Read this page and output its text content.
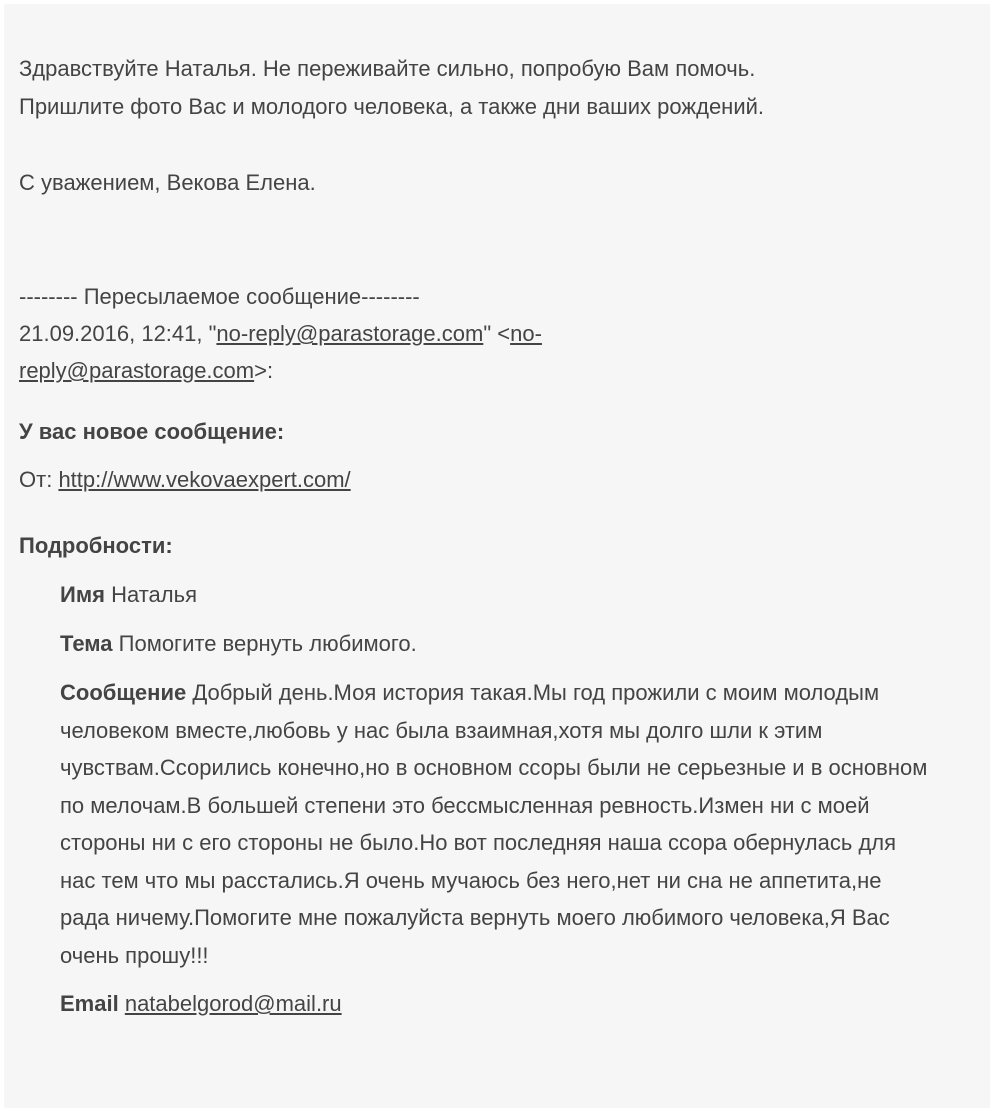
Здравствуйте Наталья. Не переживайте сильно, попробую Вам помочь.

Пришлите фото Вас и молодого человека, а также дни ваших рождений.

С уважением, Векова Елена.

-------- Пересылаемое сообщение--------
21.09.2016, 12:41, "no-reply@parastorage.com" <no-
reply@parastorage.com>:
У вас новое сообщение:
От: http://www.vekovaexpert.com/
Подробности:
Имя Наталья
Тема Помогите вернуть любимого.
Сообщение Добрый день.Моя история такая.Мы год прожили с моим молодым человеком вместе,любовь у нас была взаимная,хотя мы долго шли к этим чувствам.Ссорились конечно,но в основном ссоры были не серьезные и в основном по мелочам.В большей степени это бессмысленная ревность.Измен ни с моей стороны ни с его стороны не было.Но вот последняя наша ссора обернулась для нас тем что мы расстались.Я очень мучаюсь без него,нет ни сна не аппетита,не рада ничему.Помогите мне пожалуйста вернуть моего любимого человека,Я Вас очень прошу!!!
Email natabelgorod@mail.ru
